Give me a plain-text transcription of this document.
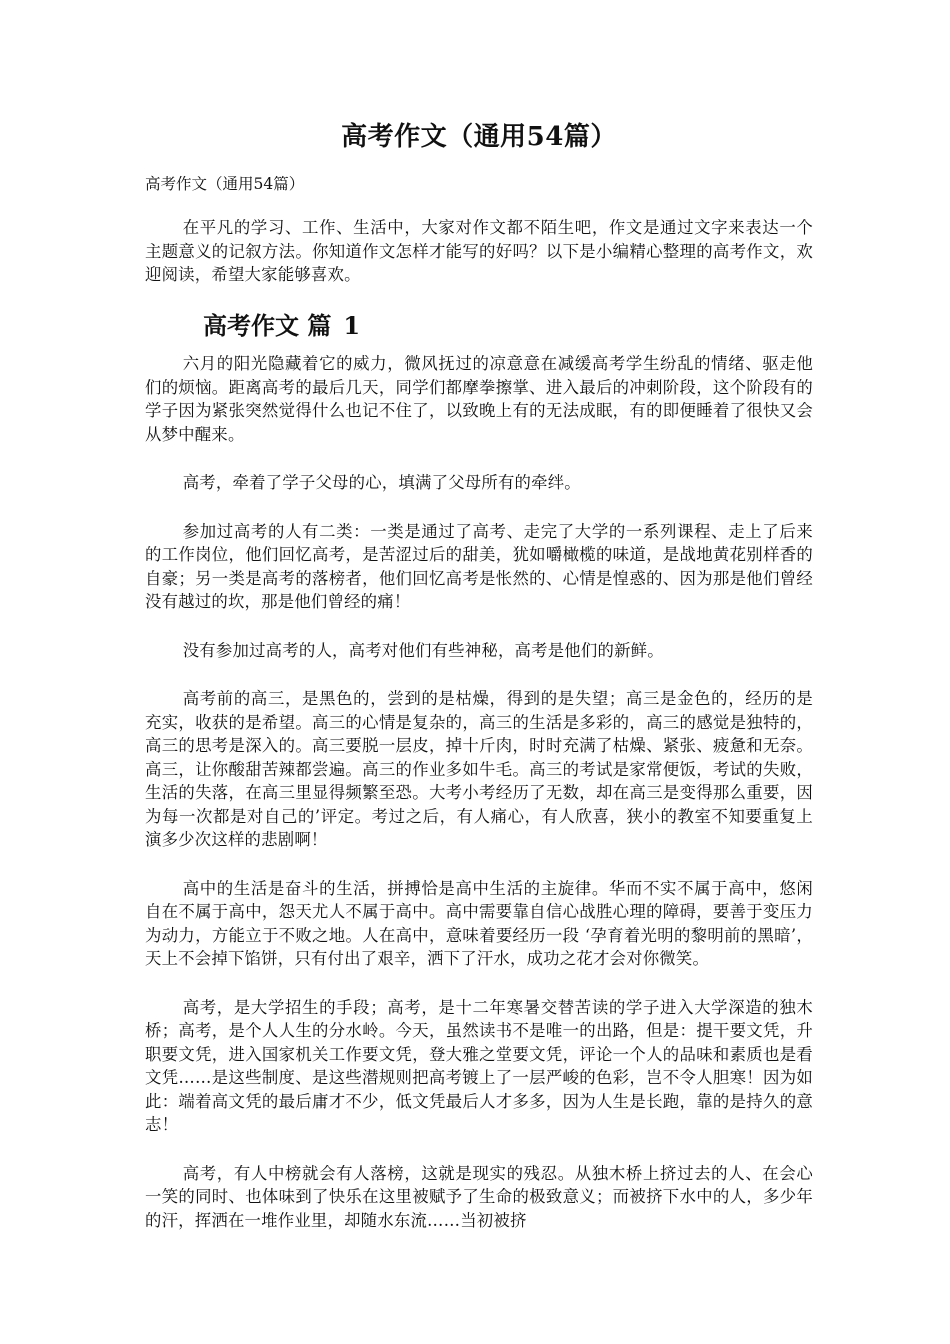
高考作文（通用54篇）

高考作文（通用54篇）

在平凡的学习、工作、生活中，大家对作文都不陌生吧，作文是通过文字来表达一个主题意义的记叙方法。你知道作文怎样才能写的好吗？以下是小编精心整理的高考作文，欢迎阅读，希望大家能够喜欢。

高考作文 篇 1

六月的阳光隐藏着它的威力，微风抚过的凉意意在减缓高考学生纷乱的情绪、驱走他们的烦恼。距离高考的最后几天，同学们都摩拳擦掌、进入最后的冲刺阶段，这个阶段有的学子因为紧张突然觉得什么也记不住了，以致晚上有的无法成眠，有的即便睡着了很快又会从梦中醒来。

高考，牵着了学子父母的心，填满了父母所有的牵绊。

参加过高考的人有二类：一类是通过了高考、走完了大学的一系列课程、走上了后来的工作岗位，他们回忆高考，是苦涩过后的甜美，犹如嚼橄榄的味道，是战地黄花别样香的自豪；另一类是高考的落榜者，他们回忆高考是怅然的、心情是惶惑的、因为那是他们曾经没有越过的坎，那是他们曾经的痛！

没有参加过高考的人，高考对他们有些神秘，高考是他们的新鲜。

高考前的高三，是黑色的，尝到的是枯燥，得到的是失望；高三是金色的，经历的是充实，收获的是希望。高三的心情是复杂的，高三的生活是多彩的，高三的感觉是独特的，高三的思考是深入的。高三要脱一层皮，掉十斤肉，时时充满了枯燥、紧张、疲惫和无奈。高三，让你酸甜苦辣都尝遍。高三的作业多如牛毛。高三的考试是家常便饭，考试的失败，生活的失落，在高三里显得频繁至恐。大考小考经历了无数，却在高三是变得那么重要，因为每一次都是对自己的’评定。考过之后，有人痛心，有人欣喜，狭小的教室不知要重复上演多少次这样的悲剧啊！

高中的生活是奋斗的生活，拼搏恰是高中生活的主旋律。华而不实不属于高中，悠闲自在不属于高中，怨天尤人不属于高中。高中需要靠自信心战胜心理的障碍，要善于变压力为动力，方能立于不败之地。人在高中，意味着要经历一段 ‘孕育着光明的黎明前的黑暗’，天上不会掉下馅饼，只有付出了艰辛，洒下了汗水，成功之花才会对你微笑。

高考，是大学招生的手段；高考，是十二年寒暑交替苦读的学子进入大学深造的独木桥；高考，是个人人生的分水岭。今天，虽然读书不是唯一的出路，但是：提干要文凭，升职要文凭，进入国家机关工作要文凭，登大雅之堂要文凭，评论一个人的品味和素质也是看文凭……是这些制度、是这些潜规则把高考镀上了一层严峻的色彩，岂不令人胆寒！因为如此：端着高文凭的最后庸才不少，低文凭最后人才多多，因为人生是长跑，靠的是持久的意志！

高考，有人中榜就会有人落榜，这就是现实的残忍。从独木桥上挤过去的人、在会心一笑的同时、也体味到了快乐在这里被赋予了生命的极致意义；而被挤下水中的人，多少年的汗，挥洒在一堆作业里，却随水东流……当初被挤
